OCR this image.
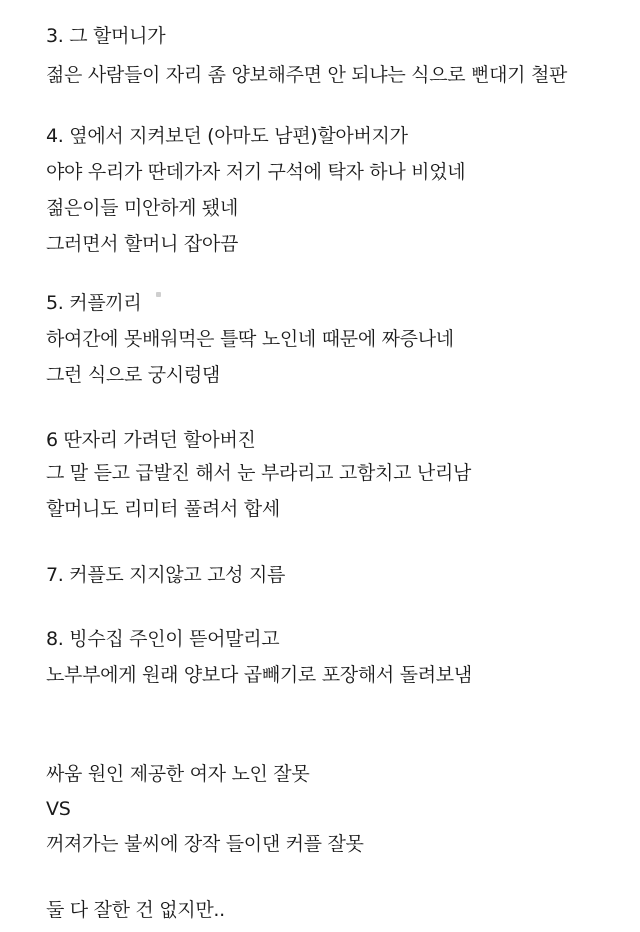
3. 그 할머니가
젊은 사람들이 자리 좀 양보해주면 안 되냐는 식으로 뻔대기 철판
4. 옆에서 지켜보던 (아마도 남편)할아버지가
야야 우리가 딴데가자 저기 구석에 탁자 하나 비었네
젊은이들 미안하게 됐네
그러면서 할머니 잡아끔
5. 커플끼리
하여간에 못배워먹은 틀딱 노인네 때문에 짜증나네
그런 식으로 궁시렁댐
6 딴자리 가려던 할아버진
그 말 듣고 급발진 해서 눈 부라리고 고함치고 난리남
할머니도 리미터 풀려서 합세
7. 커플도 지지않고 고성 지름
8. 빙수집 주인이 뜯어말리고
노부부에게 원래 양보다 곱빼기로 포장해서 돌려보냄
싸움 원인 제공한 여자 노인 잘못
VS
꺼져가는 불씨에 장작 들이댄 커플 잘못
둘 다 잘한 건 없지만..
